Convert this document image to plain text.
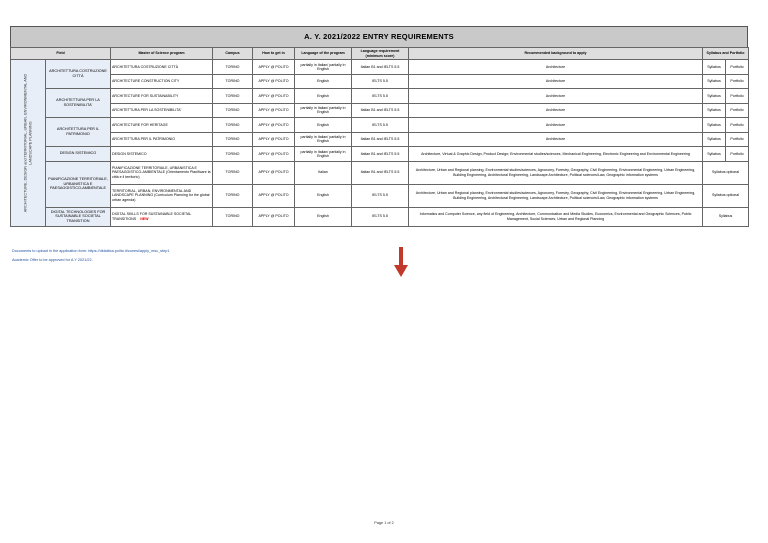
A. Y. 2021/2022 ENTRY REQUIREMENTS
Field		Master of Science program	Campus	How to get in	Language of the program	Language requirement (minimum score)	Recommended background to apply	Syllabus and Portfolio	

ARCHITECTURE, DESIGN and TERRITORIAL, URBAN, ENVIRONMENTAL AND LANDSCAPE PLANNING	ARCHITETTURA COSTRUZIONE CITTÀ	ARCHITETTURA COSTRUZIONE CITTÀ	TORINO	APPLY @ POLITO	partially in Italian/ partially in English	Italian B1 and IELTS 5.5	Architecture	Syllabus	Portfolio
		ARCHITECTURE CONSTRUCTION CITY	TORINO	APPLY @ POLITO	English	IELTS 5.5	Architecture	Syllabus	Portfolio
	ARCHITETTURA PER LA SOSTENIBILITA'	ARCHITECTURE FOR SUSTAINABILITY	TORINO	APPLY @ POLITO	English	IELTS 5.5	Architecture	Syllabus	Portfolio
		ARCHITETTURA PER LA SOSTENIBILITA'	TORINO	APPLY @ POLITO	partially in Italian/ partially in English	Italian B1 and IELTS 5.5	Architecture	Syllabus	Portfolio
	ARCHITETTURA PER IL PATRIMONIO	ARCHITECTURE FOR HERITAGE	TORINO	APPLY @ POLITO	English	IELTS 5.5	Architecture	Syllabus	Portfolio
		ARCHITETTURA PER IL PATRIMONIO	TORINO	APPLY @ POLITO	partially in Italian/ partially in English	Italian B1 and IELTS 5.5	Architecture	Syllabus	Portfolio
	DESIGN SISTEMICO	DESIGN SISTEMICO	TORINO	APPLY @ POLITO	partially in Italian/ partially in English	Italian B1 and IELTS 5.5	Architecture, Virtual & Graphic Design, Product Design; Environmental studies/sciences, Mechanical Engineering, Electronic Engineering and Environmental Engineering	Syllabus	Portfolio
	PIANIFICAZIONE TERRITORIALE, URBANISTICA E PAESAGGISTICO-AMBIENTALE	PIANIFICAZIONE TERRITORIALE, URBANISTICA E PAESAGGISTICO-AMBIENTALE (Orientamento Pianificare la città e il territorio)	TORINO	APPLY @ POLITO	Italian	Italian B1 and IELTS 5.5	Architecture, Urban and Regional planning, Environmental studies/sciences, Agronomy, Forestry, Geography, Civil Engineering, Environmental Engineering, Urban Engineering, Building Engineering, Architectural Engineering, Landscape Architecture, Political sciences/Law, Geographic information systems	Syllabus optional	
		TERRITORIAL, URBAN, ENVIRONMENTAL AND LANDSCAPE PLANNING (Curriculum Planning for the global urban agenda)	TORINO	APPLY @ POLITO	English	IELTS 5.5	Architecture, Urban and Regional planning, Environmental studies/sciences, Agronomy, Forestry, Geography, Civil Engineering, Environmental Engineering, Urban Engineering, Building Engineering, Architectural Engineering, Landscape Architecture, Political sciences/Law, Geographic information systems	Syllabus optional	
	DIGITAL TECHNOLOGIES FOR SUSTAINABLE SOCIETAL TRANSITION	DIGITAL SKILLS FOR SUSTAINABLE SOCIETAL TRANSITIONS NEW	TORINO	APPLY @ POLITO	English	IELTS 5.5	Informatics and Computer Science, any field of Engineering, Architecture, Communication and Media Studies, Economics, Environmental and Geographic Sciences, Public Management, Social Sciences, Urban and Regional Planning	Syllabus	
Documents to upload in the application form: https://didattica.polito.it/zonesi/apply_msc_step1
Academic Offer to be approved for A.Y 2021/22.
Page 1 of 2
